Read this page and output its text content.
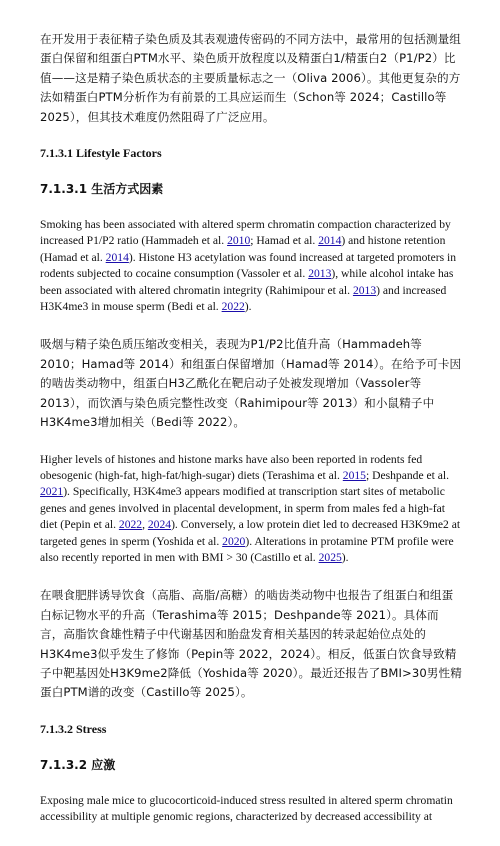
在开发用于表征精子染色质及其表观遗传密码的不同方法中，最常用的包括测量组蛋白保留和组蛋白PTM水平、染色质开放程度以及精蛋白1/精蛋白2（P1/P2）比值——这是精子染色质状态的主要质量标志之一（Oliva 2006）。其他更复杂的方法如精蛋白PTM分析作为有前景的工具应运而生（Schon等 2024；Castillo等 2025），但其技术难度仍然阻碍了广泛应用。

7.1.3.1 Lifestyle Factors

7.1.3.1 生活方式因素

Smoking has been associated with altered sperm chromatin compaction characterized by increased P1/P2 ratio (Hammadeh et al. 2010; Hamad et al. 2014) and histone retention (Hamad et al. 2014). Histone H3 acetylation was found increased at targeted promoters in rodents subjected to cocaine consumption (Vassoler et al. 2013), while alcohol intake has been associated with altered chromatin integrity (Rahimipour et al. 2013) and increased H3K4me3 in mouse sperm (Bedi et al. 2022).

吸烟与精子染色质压缩改变相关，表现为P1/P2比值升高（Hammadeh等 2010；Hamad等 2014）和组蛋白保留增加（Hamad等 2014）。在给予可卡因的啮齿类动物中，组蛋白H3乙酰化在靶启动子处被发现增加（Vassoler等 2013），而饮酒与染色质完整性改变（Rahimipour等 2013）和小鼠精子中H3K4me3增加相关（Bedi等 2022）。

Higher levels of histones and histone marks have also been reported in rodents fed obesogenic (high-fat, high-fat/high-sugar) diets (Terashima et al. 2015; Deshpande et al. 2021). Specifically, H3K4me3 appears modified at transcription start sites of metabolic genes and genes involved in placental development, in sperm from males fed a high-fat diet (Pepin et al. 2022, 2024). Conversely, a low protein diet led to decreased H3K9me2 at targeted genes in sperm (Yoshida et al. 2020). Alterations in protamine PTM profile were also recently reported in men with BMI > 30 (Castillo et al. 2025).

在喂食肥胖诱导饮食（高脂、高脂/高糖）的啮齿类动物中也报告了组蛋白和组蛋白标记物水平的升高（Terashima等 2015；Deshpande等 2021）。具体而言，高脂饮食雄性精子中代谢基因和胎盘发育相关基因的转录起始位点处的H3K4me3似乎发生了修饰（Pepin等 2022，2024）。相反，低蛋白饮食导致精子中靶基因处H3K9me2降低（Yoshida等 2020）。最近还报告了BMI>30男性精蛋白PTM谱的改变（Castillo等 2025）。

7.1.3.2 Stress

7.1.3.2 应激

Exposing male mice to glucocorticoid-induced stress resulted in altered sperm chromatin accessibility at multiple genomic regions, characterized by decreased accessibility at
